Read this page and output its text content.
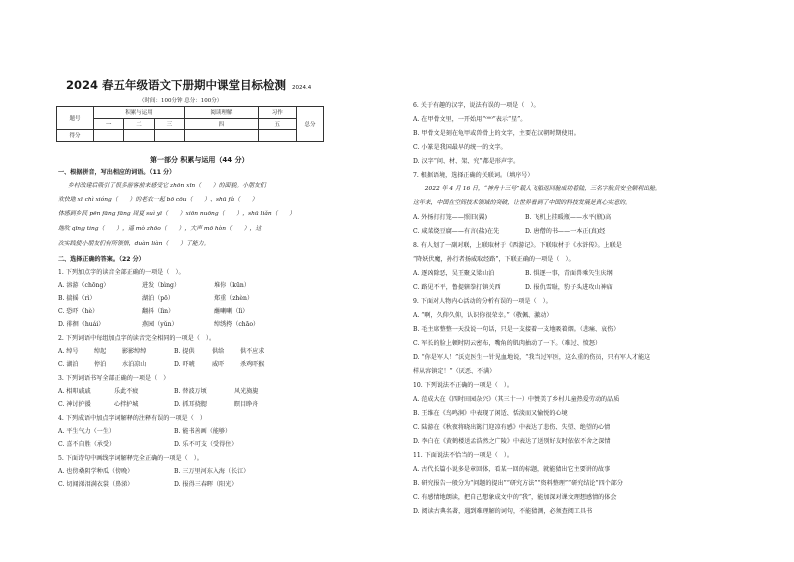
2024 春五年级语文下册期中课堂目标检测 2024.4
（时间：100分钟 总分：100分）
题号	积累与运用			阅读理解	习作	总分
	一	二	三	四	五	
得分						
第一部分 积累与运用（44 分）
一、根据拼音，写出相应的词语。（11 分）
乡村改建后吸引了很多游客前来感受它 zhōn xīn（　　）的面貌。小朋友们
欢快地 xī chì xióng（　　）的老农一起 bō cōu（　　）、shū fà（　　）
体感到乡民 pēn fāng fāng 周夏 suì yī（　　）xiōn nuōng（　　），shū liǎn（　　）
地吹 qīng ting（　　），遥 mò zhōo（　　），大声 mō hòn（　　），这
次实践使小朋友们有所领悟，duàn liàn（　　）了能力。
二、选择正确的答案。（22 分）
1. 下列加点字的读音全部正确的一项是（　）。
A. 溶游（chōng）	进发（bìng）	堆你（kūn）
B. 揣摇（rì）	湖泊（pō）	郑重（zhèn）
C. 恐吓（hè）	翻抖（lìn）	蘸喇喇（lì）
D. 徘徊（huái）	燕园（yǔn）	绰绣挎（chāo）
2. 下列词语中每组加点字的读音完全相同的一项是（　）。
A. 绰号	绰起	影影绰绰	B. 提供	供给	供不应求
C. 湖泊	停泊	水泊凉山	D. 吓唬	威吓	杀鸡吓猴
3. 下列词语书写全部正确的一项是（　）
A. 相叩戚戚	乐此不疲	B. 替波万顷	风光旖旎
C. 神讨护援	心拌护城	D. 抓耳挠腮	瞑目睁舟
4. 下列成语中加点字词解释的注释有误的一项是（　）
A. 平生气力（一生）	B. 能书善画（能够）
C. 喜不自胜（承受）	D. 乐不可支（受得住）
5. 下面诗句中画线字词解释完全正确的一项是（　）。
A. 也傍桑阴学种瓜（傍晚）	B. 三万里河东入海（长江）
C. 切闻涕泪满衣裳（鼻涕）	D. 报得三春晖（阳光）
6. 关于有趣的汉字，说法有误的一项是（　）。
A. 在甲骨文里，一开始用“⁰⁰⁰”表示“星”。
B. 甲骨文是刻在龟甲或兽骨上的文字，主要在汉朝时期使用。
C. 小篆是我国最早的统一的文字。
D. 汉字“问、材、架、究”都是形声字。
7. 根据语境，选择正确的关联词。（填序号）
　　2022 年 4 月 16 日，“神舟十三号”载人飞船返回舱成功着陆，三名字航员安全顺利出舱。
这年来，中国在空间技术领域的突破，让世界看到了中国的科技发展是真心实意的。
A. 外扬打打笼——照旧(翼)	B. 飞机上挂暖瓶——水平(瓶)高
C. 咸菜烧豆腐——有言(盐)在先	D. 唐僧的书——一本正(真)经
8. 有人划了一副对联，上联取材于《西游记》。下联取材于《水浒传》。上联是
“降妖伏魔，孙行者扬威取经路”，下联正确的一项是（　）。
A. 逐凶除恶，吴王聚义梁山泊	B. 惧逐一事，青面兽乘矢生庆纲
C. 路见不平，鲁提辖拳打镇关西	D. 报仇雪耻，豹子头进攻山神庙
9. 下面对人物内心活动的分析有误的一项是（　）。
A. “啊，久仰久仰，认识你很荣幸。”（敬佩、激动）
B. 毛主席整整一天没说一句话，只是一支接着一支地吸着烟。（悲痛、哀伤）
C. 军长的脸上顿时阴云密布，嘴角的肌肉抽动了一下。（难过、愤怒）
D. “你是军人！”沃克医生一针见血地说，“我当过军医，这么重的伤员，只有军人才能这
样从容镇定！”（厌恶、不满）
10. 下列说法不正确的一项是（　）。
A. 范成大在《四时田园杂兴》（其三十一）中赞美了乡村儿童热爱劳动的品质
B. 王维在《鸟鸣涧》中表现了闲适、恬淡而又愉悦的心境
C. 陆游在《秋夜将晓出篱门迎凉有感》中表达了悲伤、失望、绝望的心情
D. 李白在《黄鹤楼送孟浩然之广陵》中表达了送别好友时依依不舍之深情
11. 下面说法不恰当的一项是（　）。
A. 古代长篇小说多是章回体，看某一回的标题，就能猜出它主要讲的故事
B. 研究报告一般分为“问题的提出”“研究方法”“资料整理”“研究结论”四个部分
C. 有感情地朗读，把自己想象成文中的“我”，能加深对课文理想感情的体会
D. 阅读古典名著，遇到难理解的词句，不能猜测，必须查阅工具书
